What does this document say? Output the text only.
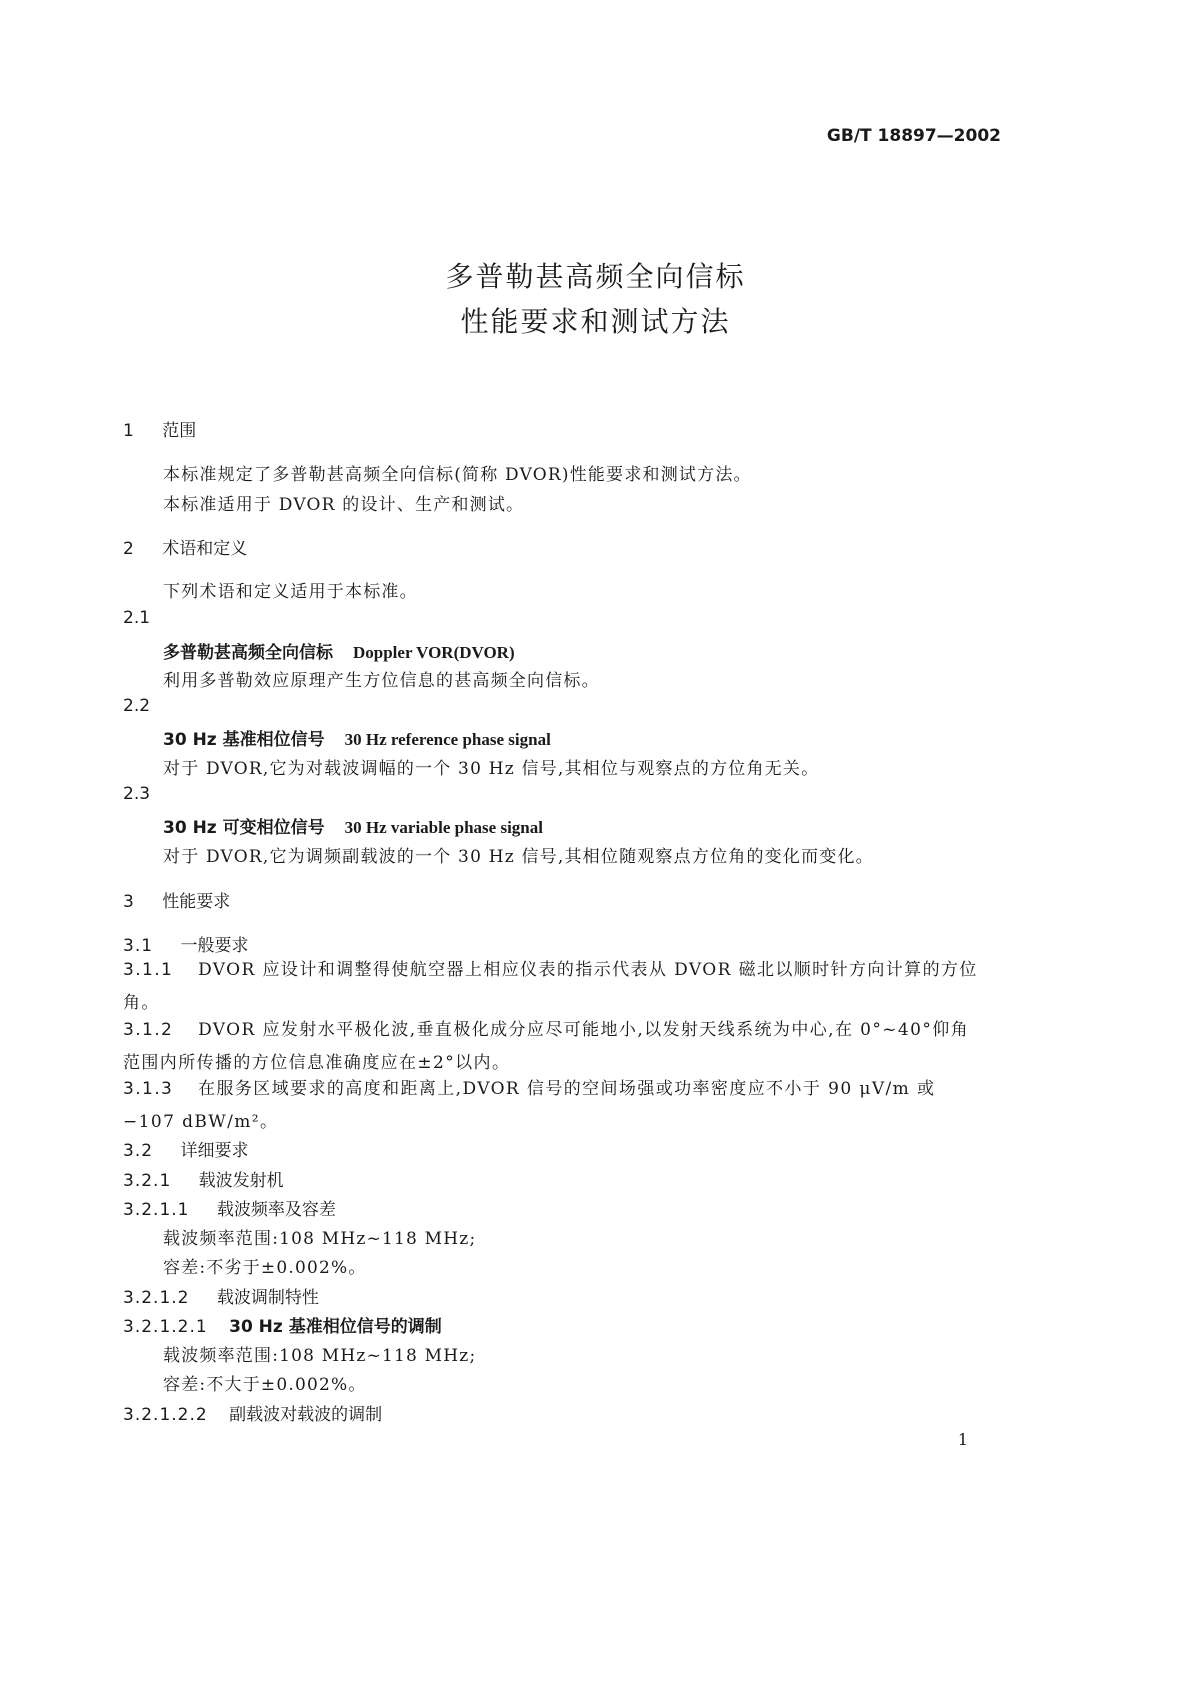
GB/T 18897—2002
多普勒甚高频全向信标
性能要求和测试方法
1 范围
本标准规定了多普勒甚高频全向信标(简称 DVOR)性能要求和测试方法。
本标准适用于 DVOR 的设计、生产和测试。
2 术语和定义
下列术语和定义适用于本标准。
2.1
多普勒甚高频全向信标 Doppler VOR(DVOR)
利用多普勒效应原理产生方位信息的甚高频全向信标。
2.2
30 Hz 基准相位信号 30 Hz reference phase signal
对于 DVOR,它为对载波调幅的一个 30 Hz 信号,其相位与观察点的方位角无关。
2.3
30 Hz 可变相位信号 30 Hz variable phase signal
对于 DVOR,它为调频副载波的一个 30 Hz 信号,其相位随观察点方位角的变化而变化。
3 性能要求
3.1 一般要求
3.1.1 DVOR 应设计和调整得使航空器上相应仪表的指示代表从 DVOR 磁北以顺时针方向计算的方位角。
3.1.2 DVOR 应发射水平极化波,垂直极化成分应尽可能地小,以发射天线系统为中心,在 0°~40°仰角范围内所传播的方位信息准确度应在±2°以内。
3.1.3 在服务区域要求的高度和距离上,DVOR 信号的空间场强或功率密度应不小于 90 μV/m 或−107 dBW/m²。
3.2 详细要求
3.2.1 载波发射机
3.2.1.1 载波频率及容差
载波频率范围:108 MHz~118 MHz;
容差:不劣于±0.002%。
3.2.1.2 载波调制特性
3.2.1.2.1 30 Hz 基准相位信号的调制
载波频率范围:108 MHz~118 MHz;
容差:不大于±0.002%。
3.2.1.2.2 副载波对载波的调制
1
